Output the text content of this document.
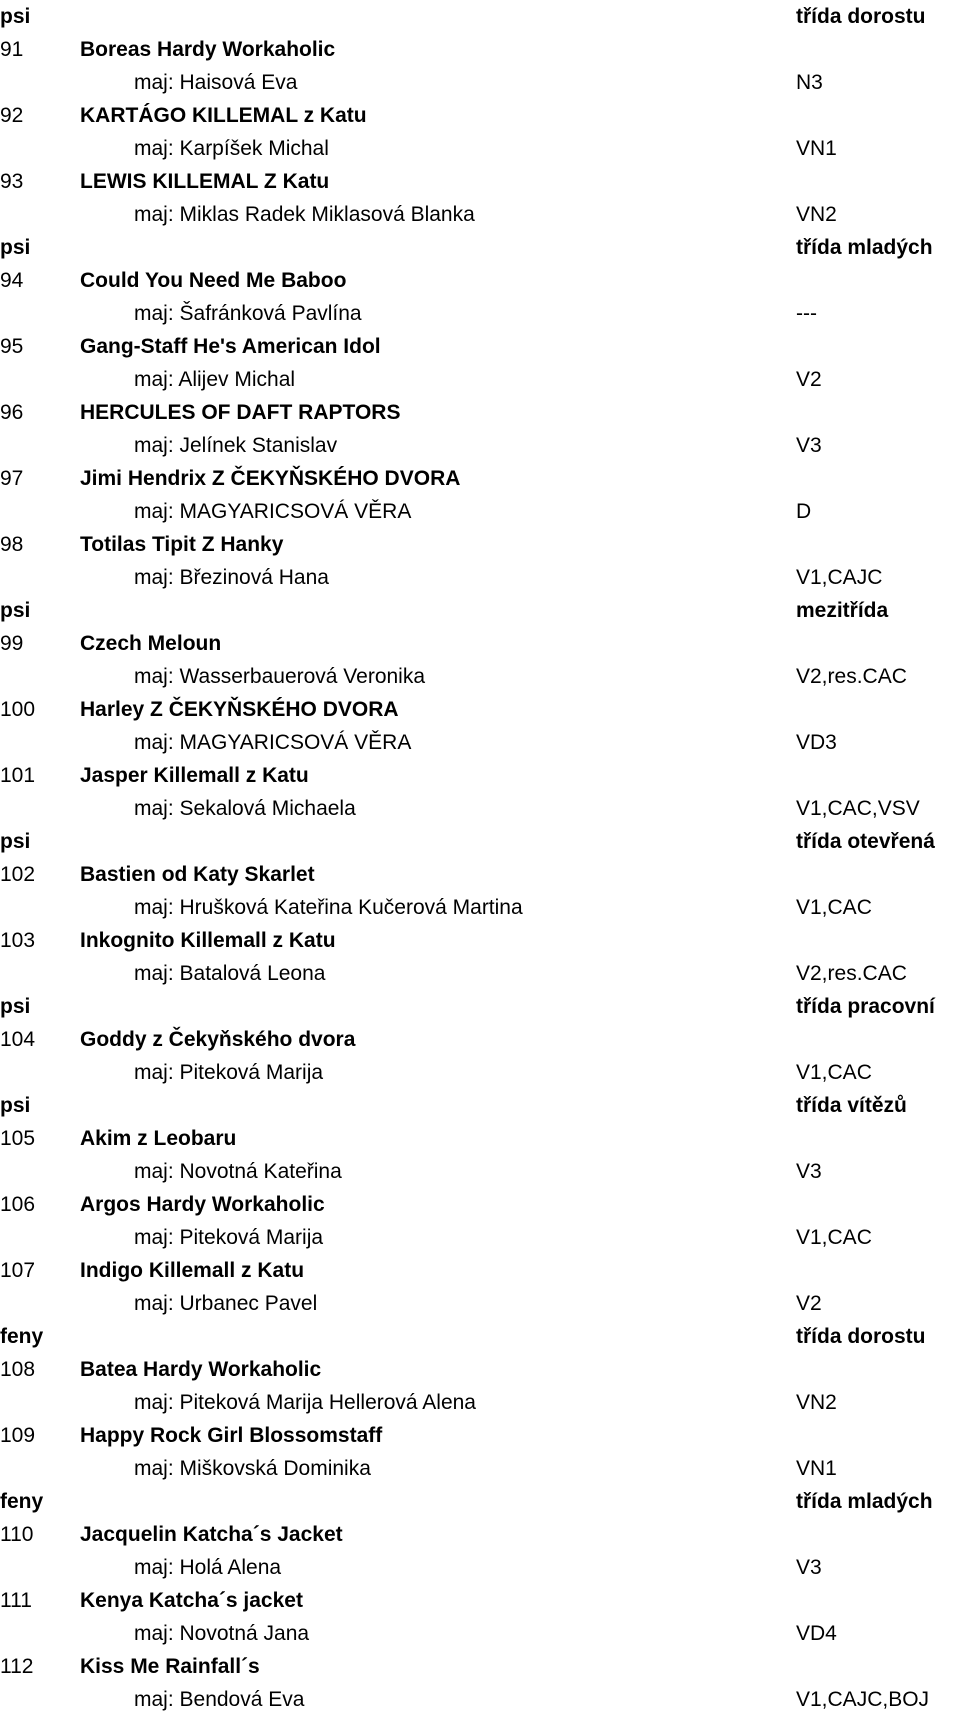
psi	třída dorostu
91	Boreas Hardy Workaholic
maj: Haisová Eva	N3
92	KARTÁGO KILLEMAL z Katu
maj: Karpíšek Michal	VN1
93	LEWIS KILLEMAL Z Katu
maj: Miklas Radek Miklasová Blanka	VN2
psi	třída mladých
94	Could You Need Me Baboo
maj: Šafránková Pavlína	---
95	Gang-Staff He's American Idol
maj: Alijev Michal	V2
96	HERCULES OF DAFT RAPTORS
maj: Jelínek Stanislav	V3
97	Jimi Hendrix Z ČEKYŇSKÉHO DVORA
maj: MAGYARICSOVÁ VĚRA	D
98	Totilas Tipit Z Hanky
maj: Březinová Hana	V1,CAJC
psi	mezitřída
99	Czech Meloun
maj: Wasserbauerová Veronika	V2,res.CAC
100 Harley Z ČEKYŇSKÉHO DVORA
maj: MAGYARICSOVÁ VĚRA	VD3
101 Jasper Killemall z Katu
maj: Sekalová Michaela	V1,CAC,VSV
psi	třída otevřená
102 Bastien od Katy Skarlet
maj: Hrušková Kateřina Kučerová Martina	V1,CAC
103 Inkognito Killemall z Katu
maj: Batalová Leona	V2,res.CAC
psi	třída pracovní
104 Goddy z Čekyňského dvora
maj: Piteková Marija	V1,CAC
psi	třída vítězů
105 Akim z Leobaru
maj: Novotná Kateřina	V3
106 Argos Hardy Workaholic
maj: Piteková Marija	V1,CAC
107 Indigo Killemall z Katu
maj: Urbanec Pavel	V2
feny	třída dorostu
108 Batea Hardy Workaholic
maj: Piteková Marija Hellerová Alena	VN2
109 Happy Rock Girl Blossomstaff
maj: Miškovská Dominika	VN1
feny	třída mladých
110 Jacquelin Katcha´s Jacket
maj: Holá Alena	V3
111 Kenya Katcha´s jacket
maj: Novotná Jana	VD4
112 Kiss Me Rainfall´s
maj: Bendová Eva	V1,CAJC,BOJ
